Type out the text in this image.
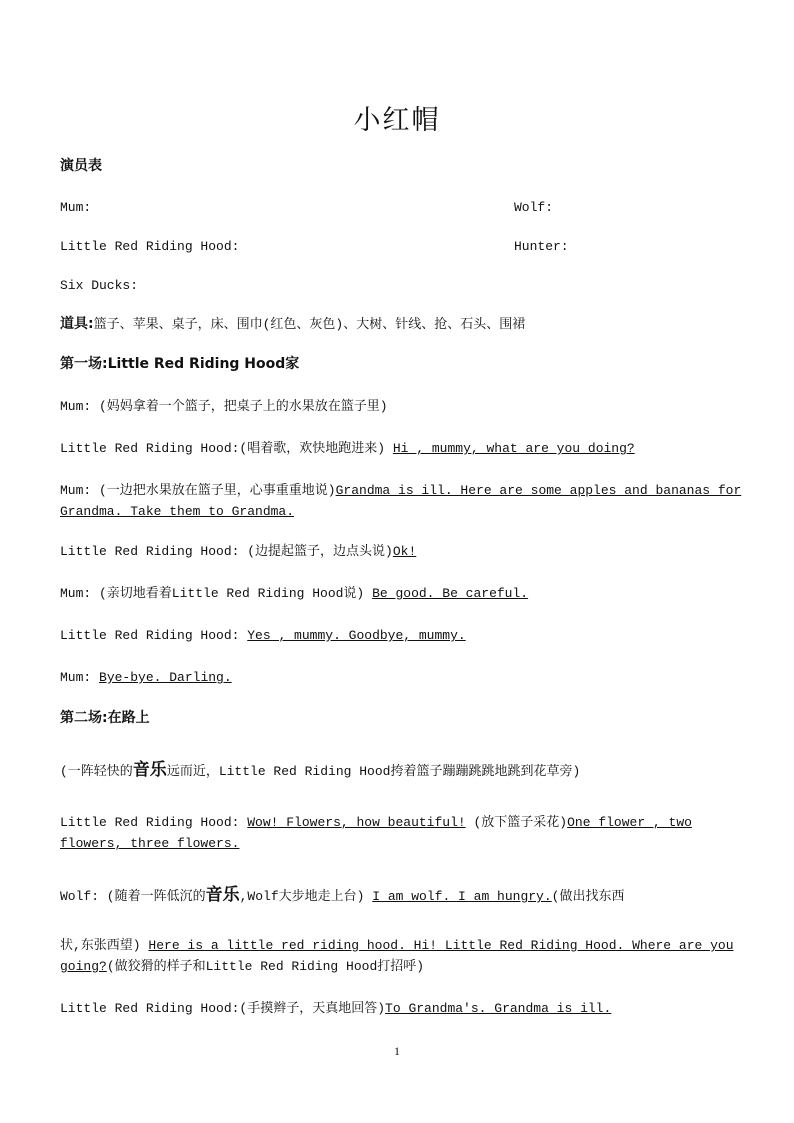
小红帽
演员表
Mum:	Wolf:
Little Red Riding Hood:	Hunter:
Six Ducks:
道具:篮子、苹果、桌子，床、围巾(红色、灰色)、大树、针线、抢、石头、围裙
第一场:Little Red Riding Hood家
Mum: (妈妈拿着一个篮子，把桌子上的水果放在篮子里)
Little Red Riding Hood:(唱着歌，欢快地跑进来) Hi , mummy, what are you doing?
Mum: (一边把水果放在篮子里，心事重重地说)Grandma is ill. Here are some apples and bananas for Grandma. Take them to Grandma.
Little Red Riding Hood: (边提起篮子，边点头说)Ok!
Mum: (亲切地看着Little Red Riding Hood说) Be good. Be careful.
Little Red Riding Hood: Yes , mummy. Goodbye, mummy.
Mum: Bye-bye. Darling.
第二场:在路上
(一阵轻快的音乐远而近，Little Red Riding Hood挎着篮子蹦蹦跳跳地跳到花草旁)
Little Red Riding Hood: Wow! Flowers, how beautiful! (放下篮子采花)One flower , two flowers, three flowers.
Wolf: (随着一阵低沉的音乐,Wolf大步地走上台) I am wolf. I am hungry.(做出找东西
状,东张西望) Here is a little red riding hood. Hi! Little Red Riding Hood. Where are you going?(做狡猾的样子和Little Red Riding Hood打招呼)
Little Red Riding Hood:(手摸辫子，天真地回答)To Grandma's. Grandma is ill.
1
